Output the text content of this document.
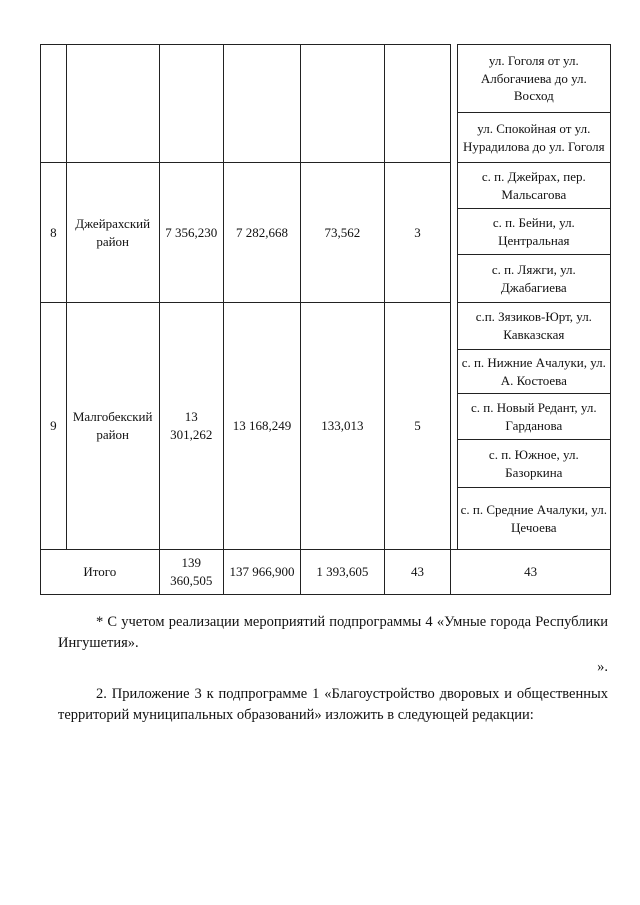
							ул. Гоголя от ул. Албогачиева до ул. Восход
							ул. Спокойная от ул. Нурадилова до ул. Гоголя
8	Джейрахский район	7 356,230	7 282,668	73,562	3		с. п. Джейрах, пер. Мальсагова
							с. п. Бейни, ул. Центральная
							с. п. Ляжги, ул. Джабагиева
9	Малгобекский район	13 301,262	13 168,249	133,013	5		с.п. Зязиков-Юрт, ул. Кавказская
							с. п. Нижние Ачалуки, ул. А. Костоева
							с. п. Новый Редант, ул. Гарданова
							с. п. Южное, ул. Базоркина
							с. п. Средние Ачалуки, ул. Цечоева
Итого		139 360,505	137 966,900	1 393,605	43	43	

* С учетом реализации мероприятий подпрограммы 4 «Умные города Республики Ингушетия».

».

2. Приложение 3 к подпрограмме 1 «Благоустройство дворовых и общественных территорий муниципальных образований» изложить в следующей редакции:
